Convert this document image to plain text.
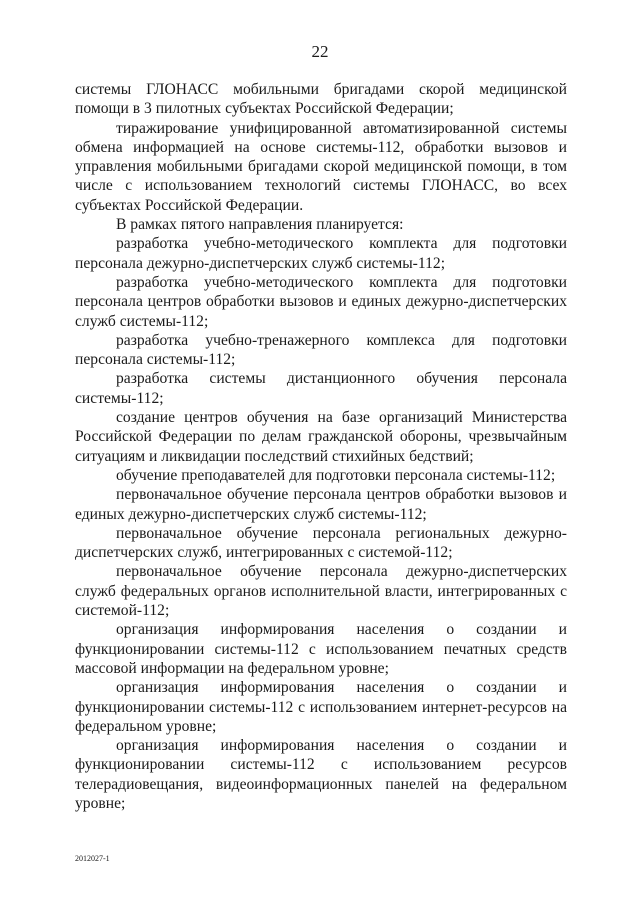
22

системы ГЛОНАСС мобильными бригадами скорой медицинской помощи в 3 пилотных субъектах Российской Федерации;

тиражирование унифицированной автоматизированной системы обмена информацией на основе системы-112, обработки вызовов и управления мобильными бригадами скорой медицинской помощи, в том числе с использованием технологий системы ГЛОНАСС, во всех субъектах Российской Федерации.

В рамках пятого направления планируется:

разработка учебно-методического комплекта для подготовки персонала дежурно-диспетчерских служб системы-112;

разработка учебно-методического комплекта для подготовки персонала центров обработки вызовов и единых дежурно-диспетчерских служб системы-112;

разработка учебно-тренажерного комплекса для подготовки персонала системы-112;

разработка системы дистанционного обучения персонала системы-112;

создание центров обучения на базе организаций Министерства Российской Федерации по делам гражданской обороны, чрезвычайным ситуациям и ликвидации последствий стихийных бедствий;

обучение преподавателей для подготовки персонала системы-112;

первоначальное обучение персонала центров обработки вызовов и единых дежурно-диспетчерских служб системы-112;

первоначальное обучение персонала региональных дежурно-диспетчерских служб, интегрированных с системой-112;

первоначальное обучение персонала дежурно-диспетчерских служб федеральных органов исполнительной власти, интегрированных с системой-112;

организация информирования населения о создании и функционировании системы-112 с использованием печатных средств массовой информации на федеральном уровне;

организация информирования населения о создании и функционировании системы-112 с использованием интернет-ресурсов на федеральном уровне;

организация информирования населения о создании и функционировании системы-112 с использованием ресурсов телерадиовещания, видеоинформационных панелей на федеральном уровне;

2012027-1
